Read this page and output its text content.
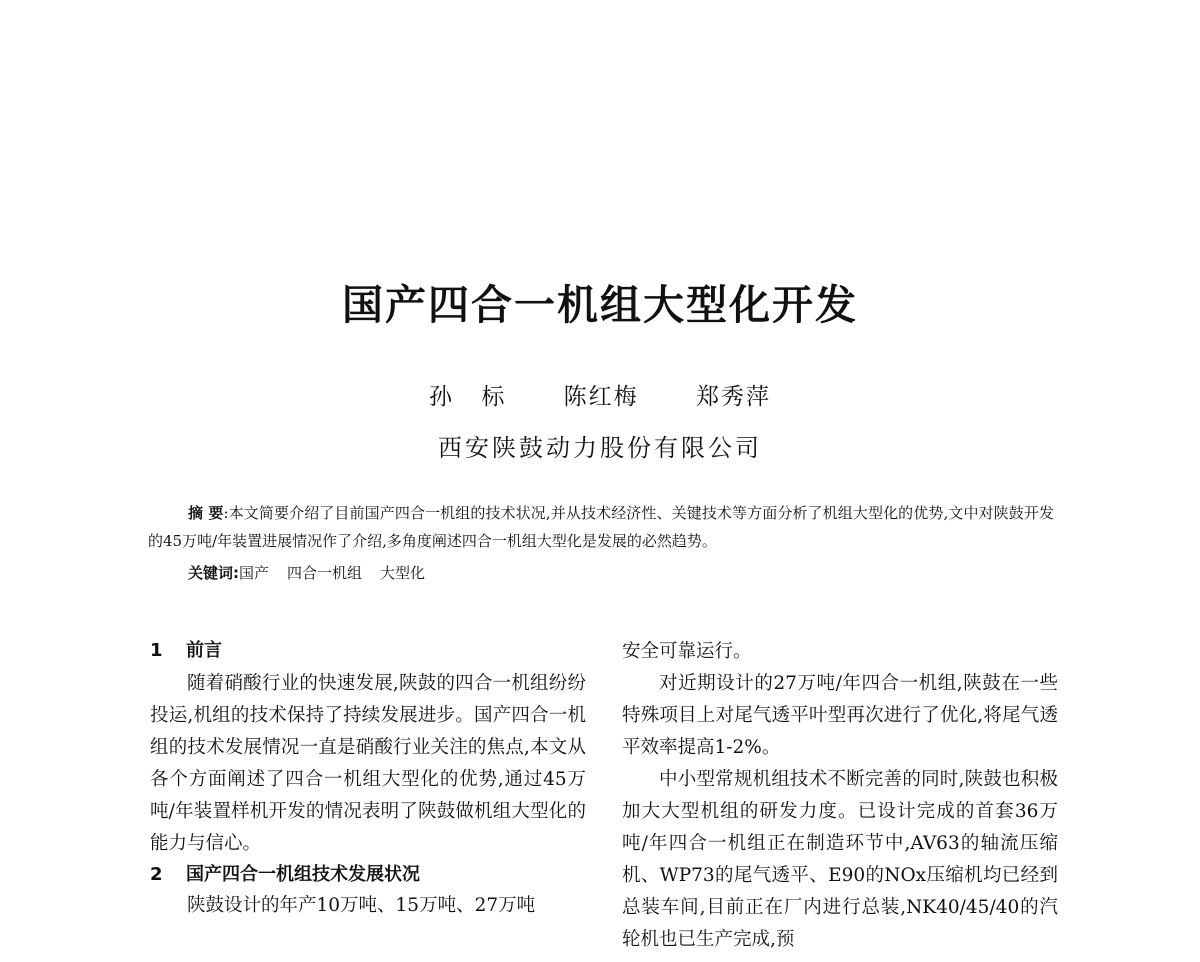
国产四合一机组大型化开发
孙 标 陈红梅 郑秀萍
西安陕鼓动力股份有限公司
摘 要:本文简要介绍了目前国产四合一机组的技术状况,并从技术经济性、关键技术等方面分析了机组大型化的优势,文中对陕鼓开发的45万吨/年装置进展情况作了介绍,多角度阐述四合一机组大型化是发展的必然趋势。
关键词:国产 四合一机组 大型化
1 前言

随着硝酸行业的快速发展,陕鼓的四合一机组纷纷投运,机组的技术保持了持续发展进步。国产四合一机组的技术发展情况一直是硝酸行业关注的焦点,本文从各个方面阐述了四合一机组大型化的优势,通过45万吨/年装置样机开发的情况表明了陕鼓做机组大型化的能力与信心。

2 国产四合一机组技术发展状况

陕鼓设计的年产10万吨、15万吨、27万吨

安全可靠运行。

对近期设计的27万吨/年四合一机组,陕鼓在一些特殊项目上对尾气透平叶型再次进行了优化,将尾气透平效率提高1-2%。

中小型常规机组技术不断完善的同时,陕鼓也积极加大大型机组的研发力度。已设计完成的首套36万吨/年四合一机组正在制造环节中,AV63的轴流压缩机、WP73的尾气透平、E90的NOx压缩机均已经到总装车间,目前正在厂内进行总装,NK40/45/40的汽轮机也已生产完成,预
